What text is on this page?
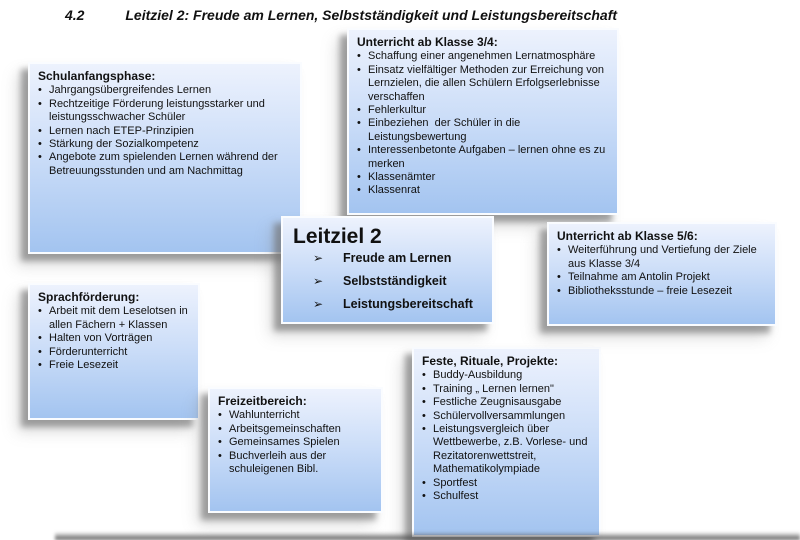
4.2	Leitziel 2: Freude am Lernen, Selbstständigkeit und Leistungsbereitschaft

Schulanfangsphase:

• Jahrgangsübergreifendes Lernen
• Rechtzeitige Förderung leistungsstarker und leistungsschwacher Schüler
• Lernen nach ETEP-Prinzipien
• Stärkung der Sozialkompetenz
• Angebote zum spielenden Lernen während der Betreuungsstunden und am Nachmittag

Unterricht ab Klasse 3/4:

• Schaffung einer angenehmen Lernatmosphäre
• Einsatz vielfältiger Methoden zur Erreichung von Lernzielen, die allen Schülern Erfolgserlebnisse verschaffen
• Fehlerkultur
• Einbeziehen  der Schüler in die Leistungsbewertung
• Interessenbetonte Aufgaben – lernen ohne es zu merken
• Klassenämter
• Klassenrat

Sprachförderung:

• Arbeit mit dem Leselotsen in allen Fächern + Klassen
• Halten von Vorträgen
• Förderunterricht
• Freie Lesezeit

Freizeitbereich:

• Wahlunterricht
• Arbeitsgemeinschaften
• Gemeinsames Spielen
• Buchverleih aus der schuleigenen Bibl.

Feste, Rituale, Projekte:

• Buddy-Ausbildung
• Training „ Lernen lernen"
• Festliche Zeugnisausgabe
• Schülervollversammlungen
• Leistungsvergleich über Wettbewerbe, z.B. Vorlese- und Rezitatorenwettstreit, Mathematikolympiade
• Sportfest
• Schulfest

Unterricht ab Klasse 5/6:

• Weiterführung und Vertiefung der Ziele aus Klasse 3/4
• Teilnahme am Antolin Projekt
• Bibliotheksstunde – freie Lesezeit

Leitziel 2

➢ Freude am Lernen
➢ Selbstständigkeit
➢ Leistungsbereitschaft
